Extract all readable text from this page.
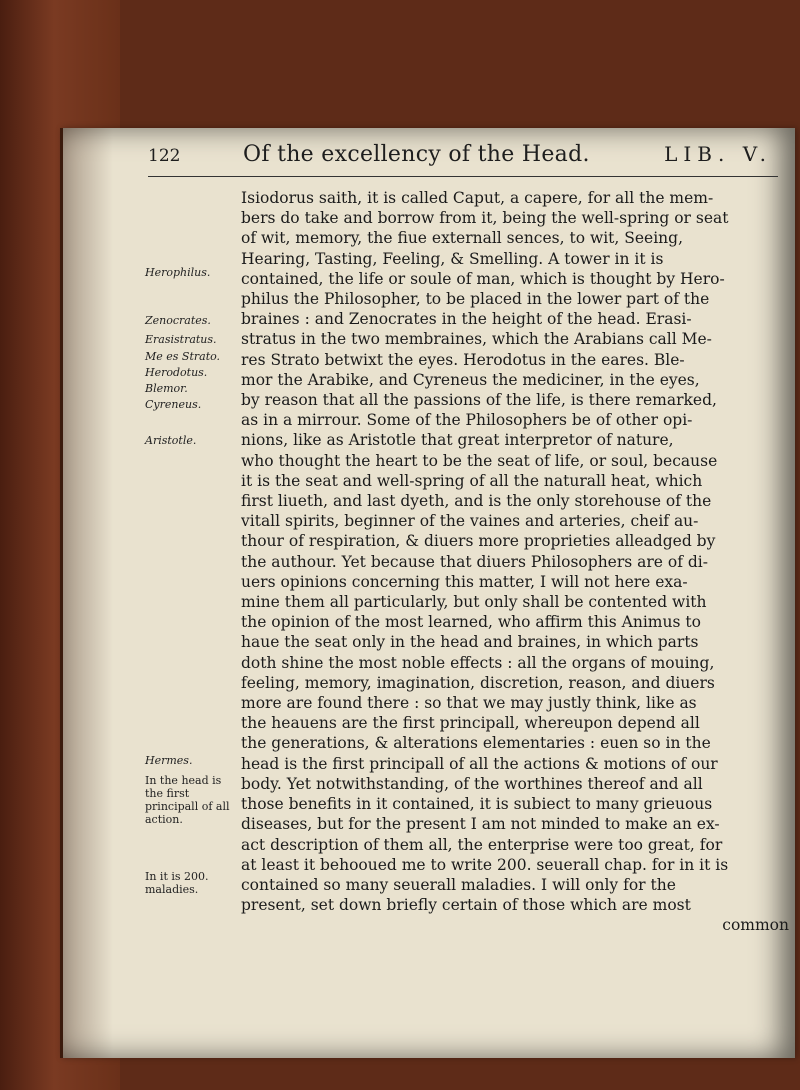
122	Of the excellency of the Head.	LIB. V.
Herophilus.
Zenocrates.
Erasistratus.
Me es Strato.
Herodotus.
Blemor.
Cyreneus.
Aristotle.
Hermes.
In the head is the first principall of all action.
In it is 200. maladies.
Isiodorus saith, it is called Caput, a capere, for all the mem-
bers do take and borrow from it, being the well-spring or seat
of wit, memory, the fiue externall sences, to wit, Seeing,
Hearing, Tasting, Feeling, & Smelling. A tower in it is
contained, the life or soule of man, which is thought by Hero-
philus the Philosopher, to be placed in the lower part of the
braines : and Zenocrates in the height of the head. Erasi-
stratus in the two membraines, which the Arabians call Me-
res Strato betwixt the eyes. Herodotus in the eares. Ble-
mor the Arabike, and Cyreneus the mediciner, in the eyes,
by reason that all the passions of the life, is there remarked,
as in a mirrour. Some of the Philosophers be of other opi-
nions, like as Aristotle that great interpretor of nature,
who thought the heart to be the seat of life, or soul, because
it is the seat and well-spring of all the naturall heat, which
first liueth, and last dyeth, and is the only storehouse of the
vitall spirits, beginner of the vaines and arteries, cheif au-
thour of respiration, & diuers more proprieties alleadged by
the authour. Yet because that diuers Philosophers are of di-
uers opinions concerning this matter, I will not here exa-
mine them all particularly, but only shall be contented with
the opinion of the most learned, who affirm this Animus to
haue the seat only in the head and braines, in which parts
doth shine the most noble effects : all the organs of mouing,
feeling, memory, imagination, discretion, reason, and diuers
more are found there : so that we may justly think, like as
the heauens are the first principall, whereupon depend all
the generations, & alterations elementaries : euen so in the
head is the first principall of all the actions & motions of our
body. Yet notwithstanding, of the worthines thereof and all
those benefits in it contained, it is subiect to many grieuous
diseases, but for the present I am not minded to make an ex-
act description of them all, the enterprise were too great, for
at least it behooued me to write 200. seuerall chap. for in it is
contained so many seuerall maladies. I will only for the
present, set down briefly certain of those which are most
common
